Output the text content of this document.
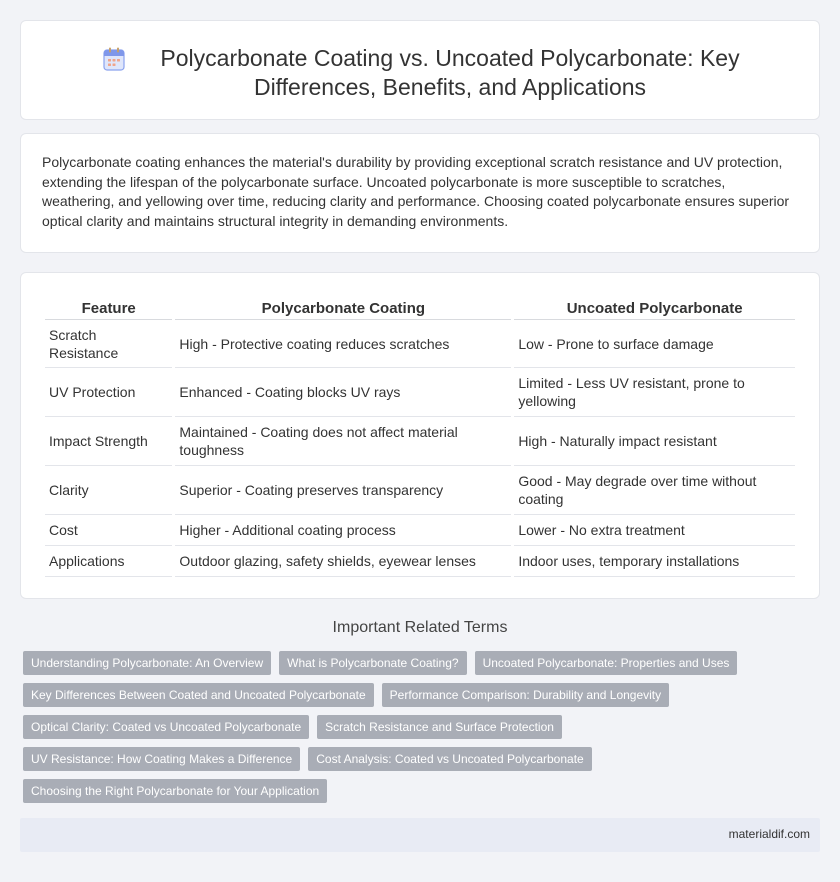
Polycarbonate Coating vs. Uncoated Polycarbonate: Key Differences, Benefits, and Applications

Polycarbonate coating enhances the material's durability by providing exceptional scratch resistance and UV protection, extending the lifespan of the polycarbonate surface. Uncoated polycarbonate is more susceptible to scratches, weathering, and yellowing over time, reducing clarity and performance. Choosing coated polycarbonate ensures superior optical clarity and maintains structural integrity in demanding environments.

Feature	Polycarbonate Coating	Uncoated Polycarbonate
Scratch Resistance	High - Protective coating reduces scratches	Low - Prone to surface damage
UV Protection	Enhanced - Coating blocks UV rays	Limited - Less UV resistant, prone to yellowing
Impact Strength	Maintained - Coating does not affect material toughness	High - Naturally impact resistant
Clarity	Superior - Coating preserves transparency	Good - May degrade over time without coating
Cost	Higher - Additional coating process	Lower - No extra treatment
Applications	Outdoor glazing, safety shields, eyewear lenses	Indoor uses, temporary installations
Important Related Terms
Understanding Polycarbonate: An Overview	What is Polycarbonate Coating?	Uncoated Polycarbonate: Properties and Uses
Key Differences Between Coated and Uncoated Polycarbonate	Performance Comparison: Durability and Longevity
Optical Clarity: Coated vs Uncoated Polycarbonate	Scratch Resistance and Surface Protection
UV Resistance: How Coating Makes a Difference	Cost Analysis: Coated vs Uncoated Polycarbonate
Choosing the Right Polycarbonate for Your Application
materialdif.com
